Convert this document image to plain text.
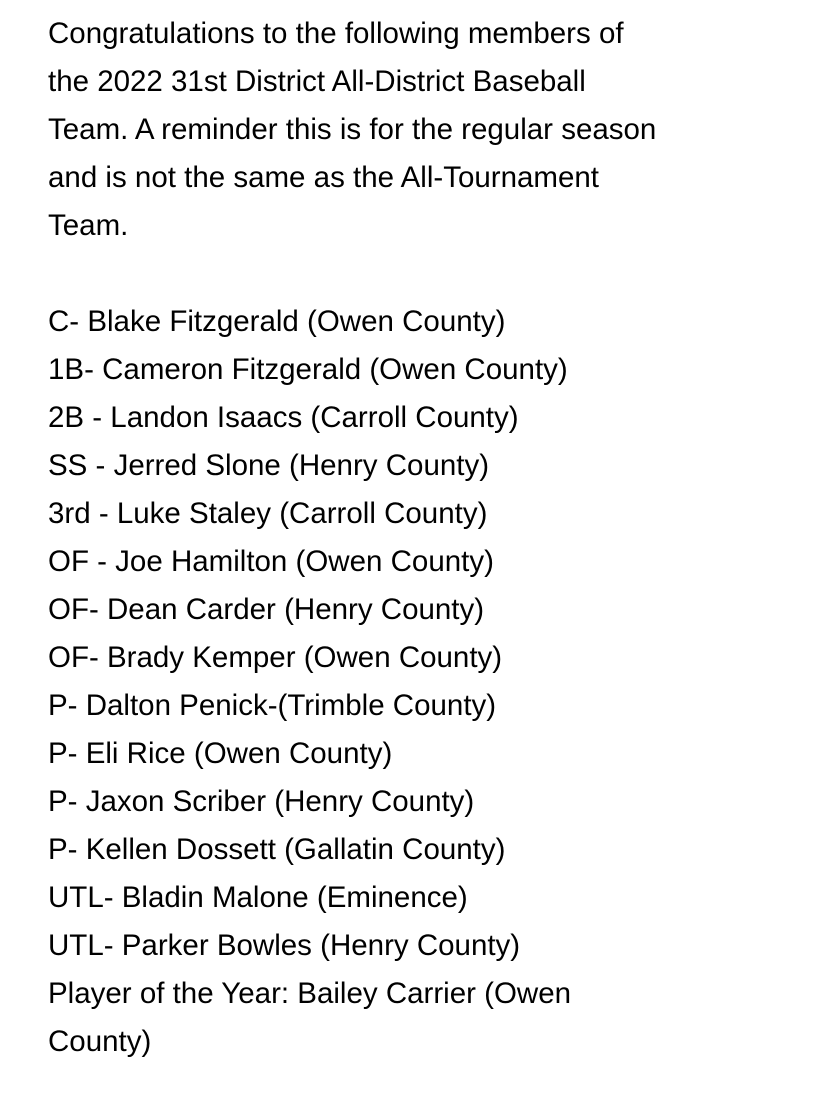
Congratulations to the following members of
the 2022 31st District All-District Baseball
Team. A reminder this is for the regular season
and is not the same as the All-Tournament
Team.
C- Blake Fitzgerald (Owen County)
1B- Cameron Fitzgerald (Owen County)
2B - Landon Isaacs (Carroll County)
SS - Jerred Slone (Henry County)
3rd - Luke Staley (Carroll County)
OF - Joe Hamilton (Owen County)
OF- Dean Carder (Henry County)
OF- Brady Kemper (Owen County)
P- Dalton Penick-(Trimble County)
P- Eli Rice (Owen County)
P- Jaxon Scriber (Henry County)
P- Kellen Dossett (Gallatin County)
UTL- Bladin Malone (Eminence)
UTL- Parker Bowles (Henry County)
Player of the Year: Bailey Carrier (Owen
County)
